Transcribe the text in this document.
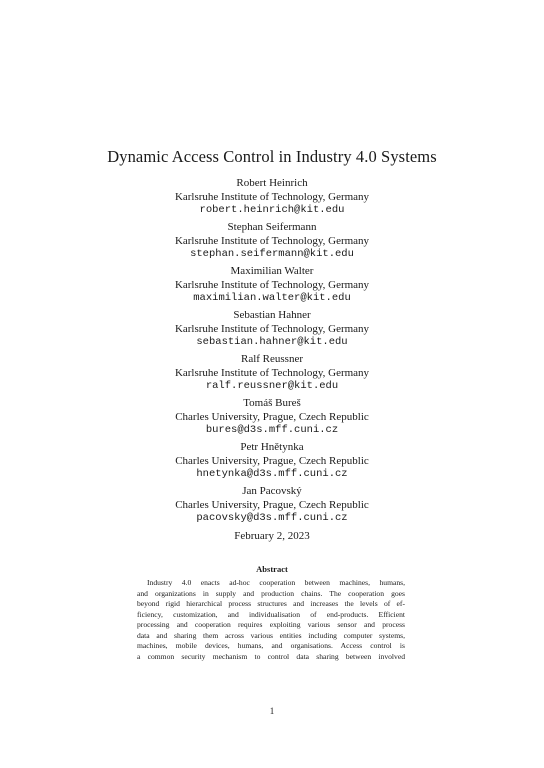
Dynamic Access Control in Industry 4.0 Systems
Robert Heinrich
Karlsruhe Institute of Technology, Germany
robert.heinrich@kit.edu
Stephan Seifermann
Karlsruhe Institute of Technology, Germany
stephan.seifermann@kit.edu
Maximilian Walter
Karlsruhe Institute of Technology, Germany
maximilian.walter@kit.edu
Sebastian Hahner
Karlsruhe Institute of Technology, Germany
sebastian.hahner@kit.edu
Ralf Reussner
Karlsruhe Institute of Technology, Germany
ralf.reussner@kit.edu
Tomáš Bureš
Charles University, Prague, Czech Republic
bures@d3s.mff.cuni.cz
Petr Hnětynka
Charles University, Prague, Czech Republic
hnetynka@d3s.mff.cuni.cz
Jan Pacovský
Charles University, Prague, Czech Republic
pacovsky@d3s.mff.cuni.cz
February 2, 2023
Abstract
Industry 4.0 enacts ad-hoc cooperation between machines, humans,
and organizations in supply and production chains. The cooperation goes
beyond rigid hierarchical process structures and increases the levels of ef-
ficiency, customization, and individualisation of end-products. Efficient
processing and cooperation requires exploiting various sensor and process
data and sharing them across various entities including computer systems,
machines, mobile devices, humans, and organisations. Access control is
a common security mechanism to control data sharing between involved
1
